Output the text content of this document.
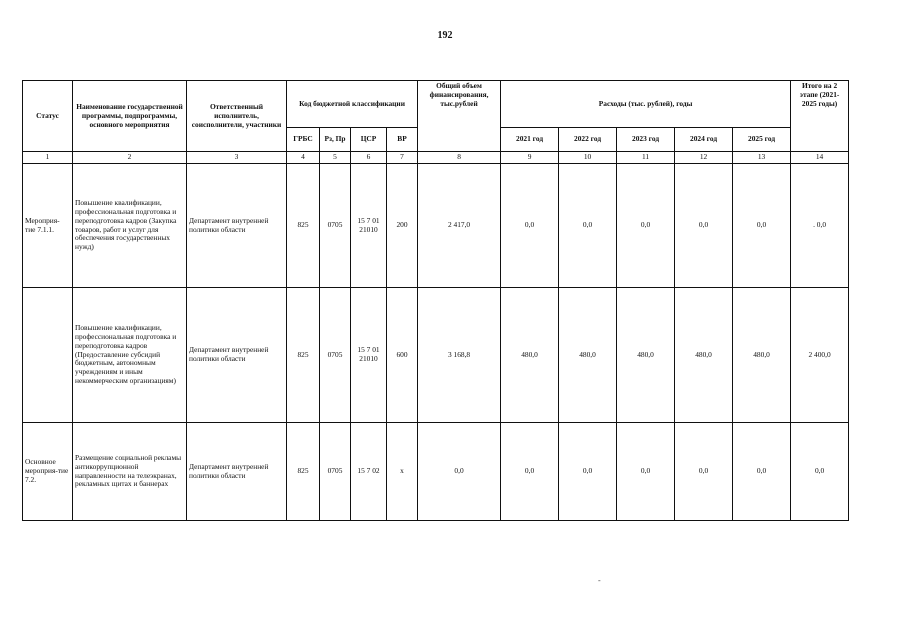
192
Статус	Наименование государственной программы, подпрограммы, основного мероприятия	Ответственный исполнитель, соисполнители, участники	Код бюджетной классификации				Общий объем финансирования, тыс.рублей	Расходы (тыс. рублей), годы					Итого на 2 этапе (2021-2025 годы)
			ГРБС	Рз, Пр	ЦСР	ВР		2021 год	2022 год	2023 год	2024 год	2025 год	
1	2	3	4	5	6	7	8	9	10	11	12	13	14
Мероприя-тие 7.1.1.	Повышение квалификации, профессиональная подготовка и переподготовка кадров (Закупка товаров, работ и услуг для обеспечения государственных нужд)	Департамент внутренней политики области	825	0705	15 7 01 21010	200	2 417,0	0,0	0,0	0,0	0,0	0,0	. 0,0
	Повышение квалификации, профессиональная подготовка и переподготовка кадров (Предоставление субсидий бюджетным, автономным учреждениям и иным некоммерческим организациям)	Департамент внутренней политики области	825	0705	15 7 01 21010	600	3 168,8	480,0	480,0	480,0	480,0	480,0	2 400,0
Основное мероприя-тие 7.2.	Размещение социальной рекламы антикоррупционной направленности на телеэкранах, рекламных щитах и баннерах	Департамент внутренней политики области	825	0705	15 7 02	х	0,0	0,0	0,0	0,0	0,0	0,0	0,0
-
